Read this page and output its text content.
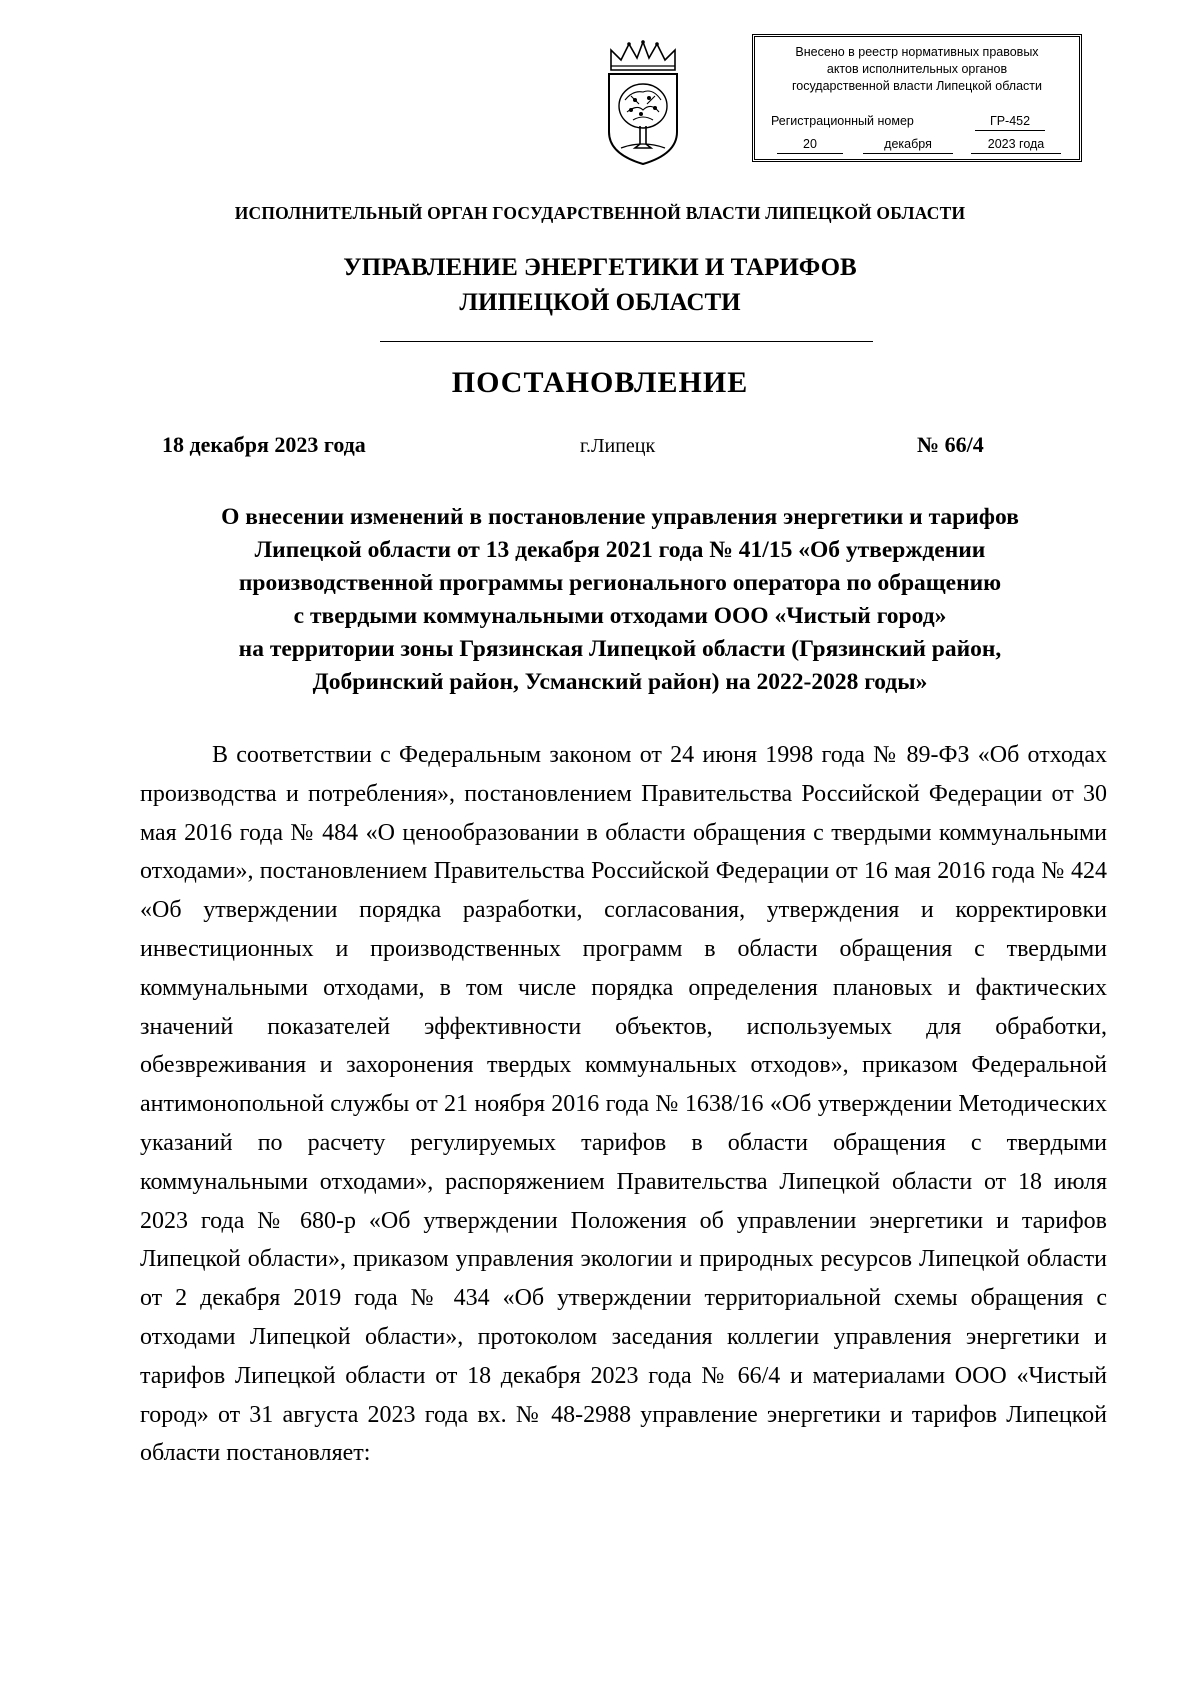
Внесено в реестр нормативных правовых
актов исполнительных органов
государственной власти Липецкой области
Регистрационный номер	ГР-452
20	декабря	2023 года
ИСПОЛНИТЕЛЬНЫЙ ОРГАН ГОСУДАРСТВЕННОЙ ВЛАСТИ ЛИПЕЦКОЙ ОБЛАСТИ
УПРАВЛЕНИЕ ЭНЕРГЕТИКИ И ТАРИФОВ
ЛИПЕЦКОЙ ОБЛАСТИ
ПОСТАНОВЛЕНИЕ
18 декабря 2023 года	г.Липецк	№ 66/4
О внесении изменений в постановление управления энергетики и тарифов
Липецкой области от 13 декабря 2021 года № 41/15 «Об утверждении
производственной программы регионального оператора по обращению
с твердыми коммунальными отходами ООО «Чистый город»
на территории зоны Грязинская Липецкой области (Грязинский район,
Добринский район, Усманский район) на 2022-2028 годы»
В соответствии с Федеральным законом от 24 июня 1998 года № 89-ФЗ «Об отходах производства и потребления», постановлением Правительства Российской Федерации от 30 мая 2016 года № 484 «О ценообразовании в области обращения с твердыми коммунальными отходами», постановлением Правительства Российской Федерации от 16 мая 2016 года № 424 «Об утверждении порядка разработки, согласования, утверждения и корректировки инвестиционных и производственных программ в области обращения с твердыми коммунальными отходами, в том числе порядка определения плановых и фактических значений показателей эффективности объектов, используемых для обработки, обезвреживания и захоронения твердых коммунальных отходов», приказом Федеральной антимонопольной службы от 21 ноября 2016 года № 1638/16 «Об утверждении Методических указаний по расчету регулируемых тарифов в области обращения с твердыми коммунальными отходами», распоряжением Правительства Липецкой области от 18 июля 2023 года № 680-р «Об утверждении Положения об управлении энергетики и тарифов Липецкой области», приказом управления экологии и природных ресурсов Липецкой области от 2 декабря 2019 года № 434 «Об утверждении территориальной схемы обращения с отходами Липецкой области», протоколом заседания коллегии управления энергетики и тарифов Липецкой области от 18 декабря 2023 года № 66/4 и материалами ООО «Чистый город» от 31 августа 2023 года вх. № 48-2988 управление энергетики и тарифов Липецкой области постановляет:
